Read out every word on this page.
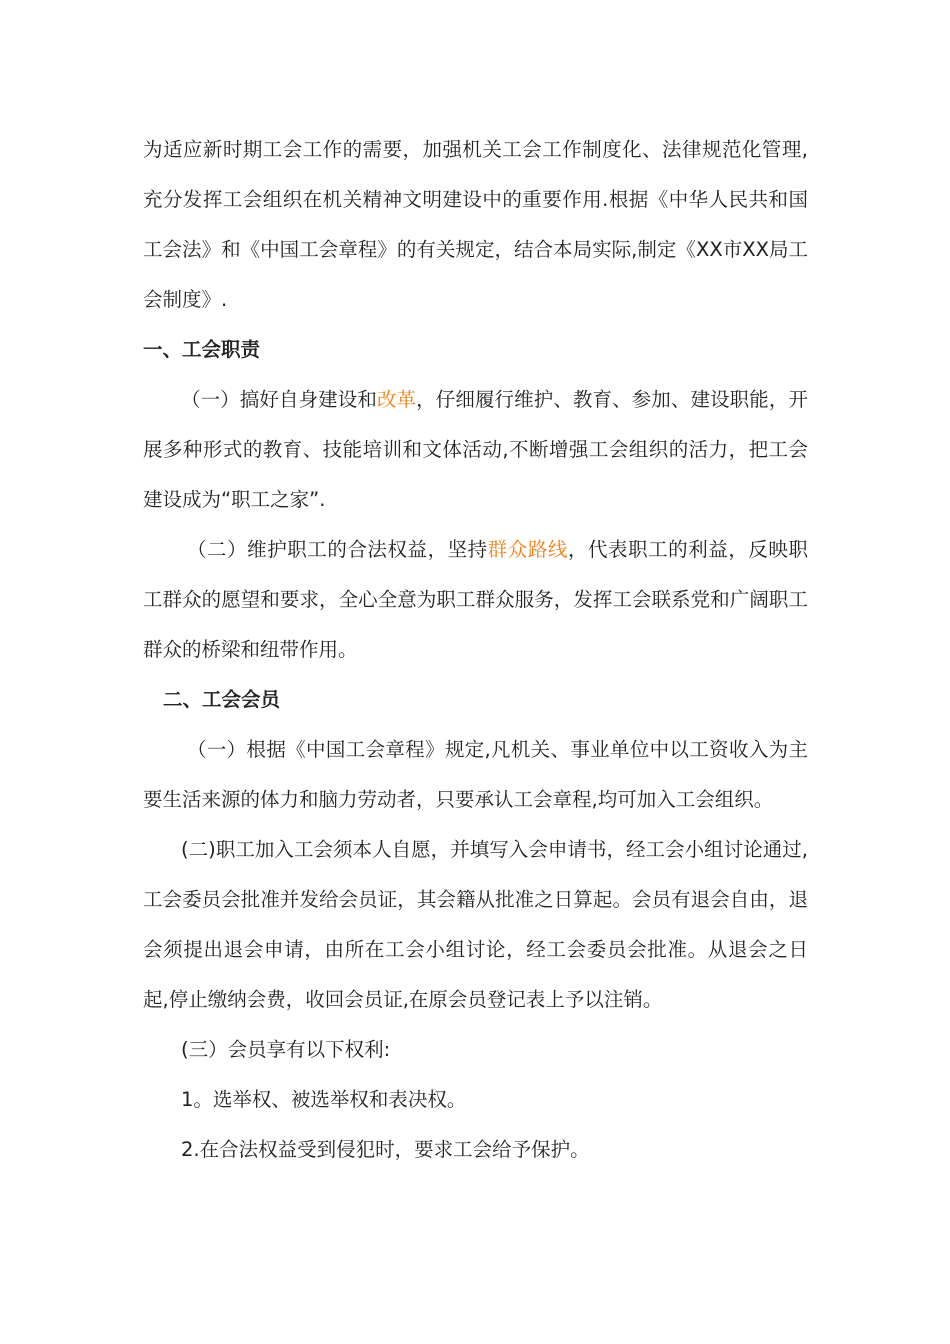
为适应新时期工会工作的需要，加强机关工会工作制度化、法律规范化管理,充分发挥工会组织在机关精神文明建设中的重要作用.根据《中华人民共和国工会法》和《中国工会章程》的有关规定，结合本局实际,制定《XX市XX局工会制度》.

一、工会职责

（一）搞好自身建设和改革，仔细履行维护、教育、参加、建设职能，开展多种形式的教育、技能培训和文体活动,不断增强工会组织的活力，把工会建设成为“职工之家”.

（二）维护职工的合法权益，坚持群众路线，代表职工的利益，反映职工群众的愿望和要求，全心全意为职工群众服务，发挥工会联系党和广阔职工群众的桥梁和纽带作用。

二、工会会员

（一）根据《中国工会章程》规定,凡机关、事业单位中以工资收入为主要生活来源的体力和脑力劳动者，只要承认工会章程,均可加入工会组织。

(二)职工加入工会须本人自愿，并填写入会申请书，经工会小组讨论通过,工会委员会批准并发给会员证，其会籍从批准之日算起。会员有退会自由，退会须提出退会申请，由所在工会小组讨论，经工会委员会批准。从退会之日起,停止缴纳会费，收回会员证,在原会员登记表上予以注销。

(三）会员享有以下权利:

1。选举权、被选举权和表决权。

2.在合法权益受到侵犯时，要求工会给予保护。
